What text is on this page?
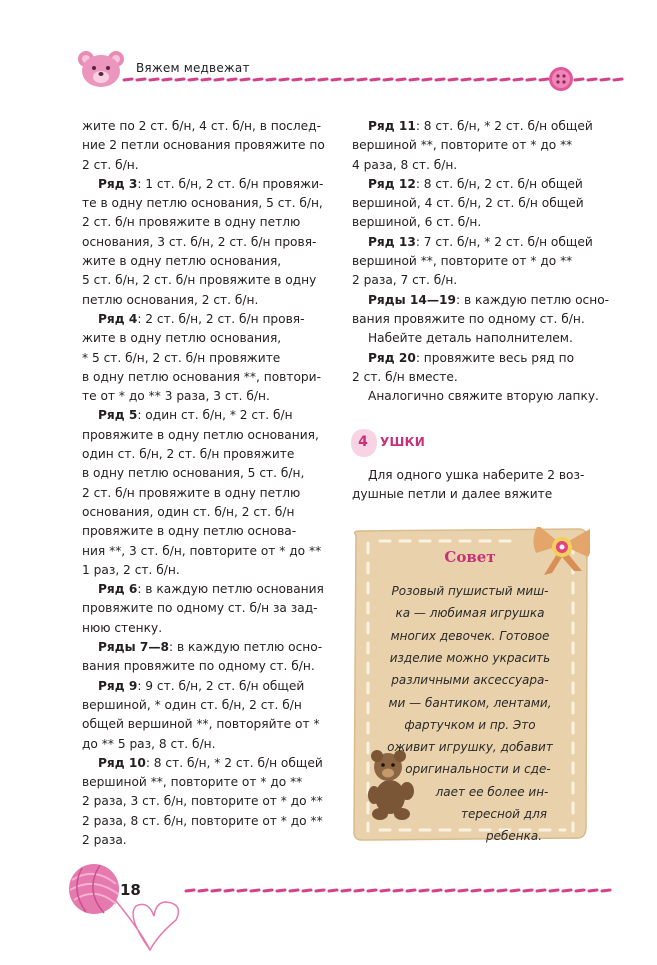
Вяжем медвежат
жите по 2 ст. б/н, 4 ст. б/н, в послед-
ние 2 петли основания провяжите по
2 ст. б/н.
Ряд 3: 1 ст. б/н, 2 ст. б/н провяжи-
те в одну петлю основания, 5 ст. б/н,
2 ст. б/н провяжите в одну петлю
основания, 3 ст. б/н, 2 ст. б/н провя-
жите в одну петлю основания,
5 ст. б/н, 2 ст. б/н провяжите в одну
петлю основания, 2 ст. б/н.
Ряд 4: 2 ст. б/н, 2 ст. б/н провя-
жите в одну петлю основания,
* 5 ст. б/н, 2 ст. б/н провяжите
в одну петлю основания **, повтори-
те от * до ** 3 раза, 3 ст. б/н.
Ряд 5: один ст. б/н, * 2 ст. б/н
провяжите в одну петлю основания,
один ст. б/н, 2 ст. б/н провяжите
в одну петлю основания, 5 ст. б/н,
2 ст. б/н провяжите в одну петлю
основания, один ст. б/н, 2 ст. б/н
провяжите в одну петлю основа-
ния **, 3 ст. б/н, повторите от * до **
1 раз, 2 ст. б/н.
Ряд 6: в каждую петлю основания
провяжите по одному ст. б/н за зад-
нюю стенку.
Ряды 7—8: в каждую петлю осно-
вания провяжите по одному ст. б/н.
Ряд 9: 9 ст. б/н, 2 ст. б/н общей
вершиной, * один ст. б/н, 2 ст. б/н
общей вершиной **, повторяйте от *
до ** 5 раз, 8 ст. б/н.
Ряд 10: 8 ст. б/н, * 2 ст. б/н общей
вершиной **, повторите от * до **
2 раза, 3 ст. б/н, повторите от * до **
2 раза, 8 ст. б/н, повторите от * до **
2 раза.
Ряд 11: 8 ст. б/н, * 2 ст. б/н общей
вершиной **, повторите от * до **
4 раза, 8 ст. б/н.
Ряд 12: 8 ст. б/н, 2 ст. б/н общей
вершиной, 4 ст. б/н, 2 ст. б/н общей
вершиной, 6 ст. б/н.
Ряд 13: 7 ст. б/н, * 2 ст. б/н общей
вершиной **, повторите от * до **
2 раза, 7 ст. б/н.
Ряды 14—19: в каждую петлю осно-
вания провяжите по одному ст. б/н.
Набейте деталь наполнителем.
Ряд 20: провяжите весь ряд по
2 ст. б/н вместе.
Аналогично свяжите вторую лапку.
4	УШКИ
Для одного ушка наберите 2 воз-
душные петли и далее вяжите
Совет
Розовый пушистый миш-
ка — любимая игрушка
многих девочек. Готовое
изделие можно украсить
различными аксессуара-
ми — бантиком, лентами,
фартучком и пр. Это
оживит игрушку, добавит
оригинальности и сде-
лает ее более ин-
тересной для
ребенка.
18
